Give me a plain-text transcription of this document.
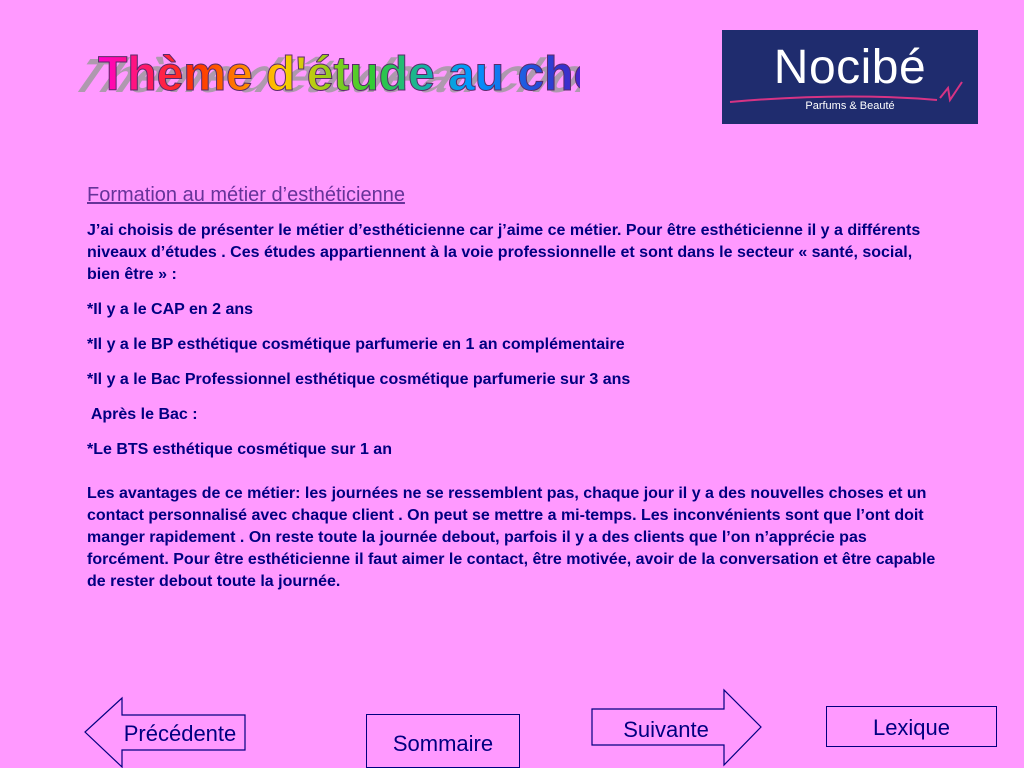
Thème d'étude au choix
Thème d'étude au ch	Nocibé
Parfums & Beauté
Formation au métier d’esthéticienne

J’ai choisis de présenter le métier d’esthéticienne car j’aime ce métier. Pour être esthéticienne il y a différents niveaux d’études . Ces études appartiennent à la voie professionnelle et sont dans le secteur « santé, social, bien être » :

*Il y a le CAP en 2 ans

*Il y a le BP esthétique cosmétique parfumerie en 1 an complémentaire

*Il y a le Bac Professionnel esthétique cosmétique parfumerie sur 3 ans

Après le Bac :

*Le BTS esthétique cosmétique sur 1 an

Les avantages de ce métier: les journées ne se ressemblent pas, chaque jour il y a des nouvelles choses et un contact personnalisé avec chaque client . On peut se mettre a mi-temps. Les inconvénients sont que l’ont doit manger rapidement . On reste toute la journée debout, parfois il y a des clients que l’on n’apprécie pas forcément. Pour être esthéticienne il faut aimer le contact, être motivée, avoir de la conversation et être capable de rester debout toute la journée.

Précédente	Sommaire
Suivante	Lexique
